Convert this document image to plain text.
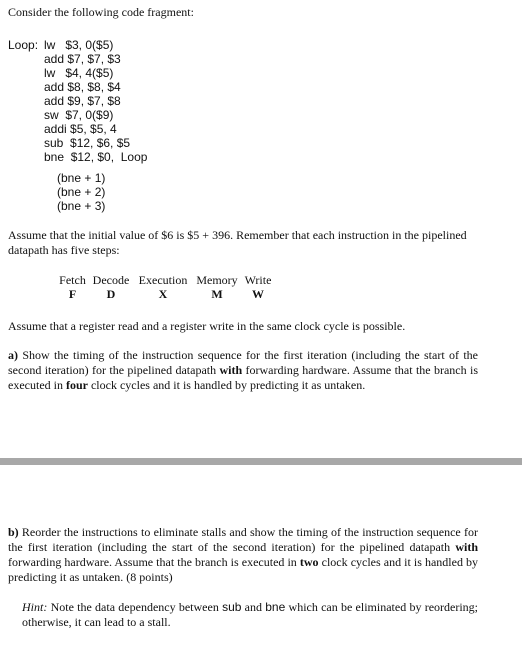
Consider the following code fragment:
Loop: lw   $3, 0($5)
add $7, $7, $3
lw   $4, 4($5)
add $8, $8, $4
add $9, $7, $8
sw  $7, 0($9)
addi $5, $5, 4
sub  $12, $6, $5
bne  $12, $0,  Loop
(bne + 1)
(bne + 2)
(bne + 3)
Assume that the initial value of $6 is $5 + 396. Remember that each instruction in the pipelined datapath has five steps:
Fetch Decode Execution Memory Write
F	D	X	M	W
Assume that a register read and a register write in the same clock cycle is possible.
a) Show the timing of the instruction sequence for the first iteration (including the start of the second iteration) for the pipelined datapath with forwarding hardware. Assume that the branch is executed in four clock cycles and it is handled by predicting it as untaken.
b) Reorder the instructions to eliminate stalls and show the timing of the instruction sequence for the first iteration (including the start of the second iteration) for the pipelined datapath with forwarding hardware. Assume that the branch is executed in two clock cycles and it is handled by predicting it as untaken. (8 points)
Hint: Note the data dependency between sub and bne which can be eliminated by reordering; otherwise, it can lead to a stall.
